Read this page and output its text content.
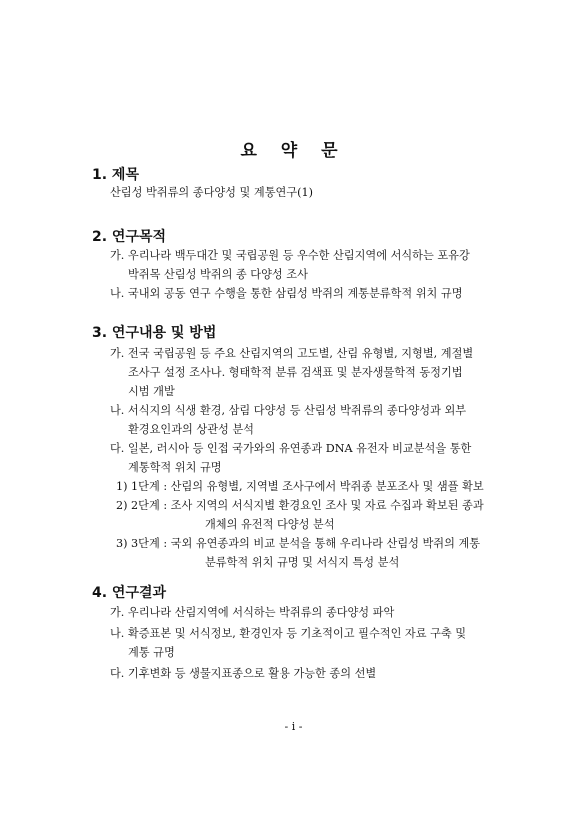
요 약 문
1. 제목
산림성 박쥐류의 종다양성 및 계통연구(1)
2. 연구목적
가. 우리나라 백두대간 및 국립공원 등 우수한 산림지역에 서식하는 포유강
박쥐목 산림성 박쥐의 종 다양성 조사
나. 국내외 공동 연구 수행을 통한 삼림성 박쥐의 계통분류학적 위치 규명
3. 연구내용 및 방법
가. 전국 국립공원 등 주요 산림지역의 고도별, 산림 유형별, 지형별, 계절별
조사구 설정 조사나. 형태학적 분류 검색표 및 분자생물학적 동정기법
시범 개발
나. 서식지의 식생 환경, 삼림 다양성 등 산림성 박쥐류의 종다양성과 외부
환경요인과의 상관성 분석
다. 일본, 러시아 등 인접 국가와의 유연종과 DNA 유전자 비교분석을 통한
계통학적 위치 규명
1) 1단계 : 산림의 유형별, 지역별 조사구에서 박쥐종 분포조사 및 샘플 확보
2) 2단계 : 조사 지역의 서식지별 환경요인 조사 및 자료 수집과 확보된 종과
개체의 유전적 다양성 분석
3) 3단계 : 국외 유연종과의 비교 분석을 통해 우리나라 산림성 박쥐의 계통
분류학적 위치 규명 및 서식지 특성 분석
4. 연구결과
가. 우리나라 산림지역에 서식하는 박쥐류의 종다양성 파악
나. 확증표본 및 서식정보, 환경인자 등 기초적이고 필수적인 자료 구축 및
계통 규명
다. 기후변화 등 생물지표종으로 활용 가능한 종의 선별
- i -
